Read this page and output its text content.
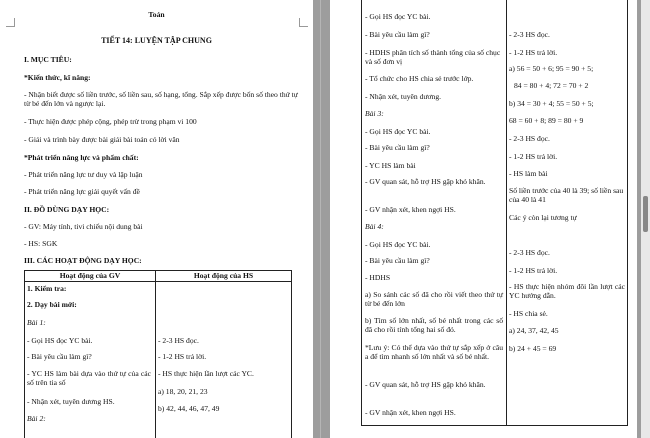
Toán
TIẾT 14: LUYỆN TẬP CHUNG
I. MỤC TIÊU:
*Kiến thức, kĩ năng:
- Nhận biết được số liền trước, số liền sau, số hạng, tổng. Sắp xếp được bốn số theo thứ tự từ bé đến lớn và ngược lại.
- Thực hiện được phép cộng, phép trừ trong phạm vi 100
- Giải và trình bày được bài giải bài toán có lời văn
*Phát triển năng lực và phẩm chất:
- Phát triển năng lực tư duy và lập luận
- Phát triển năng lực giải quyết vấn đề
II. ĐỒ DÙNG DẠY HỌC:
- GV: Máy tính, tivi chiếu nội dung bài
- HS: SGK
III. CÁC HOẠT ĐỘNG DẠY HỌC:
Hoạt động của GV	Hoạt động của HS
1. Kiểm tra:
2. Dạy bài mới:
Bài 1:
- Gọi HS đọc YC bài.
- Bài yêu cầu làm gì?
- YC HS làm bài dựa vào thứ tự của các số trên tia số
- Nhận xét, tuyên dương HS.
Bài 2:
- 2-3 HS đọc.
- 1-2 HS trả lời.
- HS thực hiện lần lượt các YC.
a) 18, 20, 21, 23
b) 42, 44, 46, 47, 49
- Gọi HS đọc YC bài.
- Bài yêu cầu làm gì?
- HDHS phân tích số thành tổng của số chục và số đơn vị
- Tổ chức cho HS chia sẻ trước lớp.
- Nhận xét, tuyên dương.
Bài 3:
- Gọi HS đọc YC bài.
- Bài yêu cầu làm gì?
- YC HS làm bài
- GV quan sát, hỗ trợ HS gặp khó khăn.
- GV nhận xét, khen ngợi HS.
Bài 4:
- Gọi HS đọc YC bài.
- Bài yêu cầu làm gì?
- HDHS
a) So sánh các số đã cho rồi viết theo thứ tự từ bé đến lớn
b) Tìm số lớn nhất, số bé nhất trong các số đã cho rồi tính tổng hai số đó.
*Lưu ý: Có thể dựa vào thứ tự sắp xếp ở câu a để tìm nhanh số lớn nhất và số bé nhất.
- GV quan sát, hỗ trợ HS gặp khó khăn.
- GV nhận xét, khen ngợi HS.
- 2-3 HS đọc.
- 1-2 HS trả lời.
a) 56 = 50 + 6; 95 = 90 + 5;
84 = 80 + 4; 72 = 70 + 2
b) 34 = 30 + 4; 55 = 50 + 5;
68 = 60 + 8; 89 = 80 + 9
- 2-3 HS đọc.
- 1-2 HS trả lời.
- HS làm bài
Số liền trước của 40 là 39; số liền sau của 40 là 41
Các ý còn lại tương tự
- 2-3 HS đọc.
- 1-2 HS trả lời.
- HS thực hiện nhóm đôi lần lượt các YC hướng dẫn.
- HS chia sẻ.
a) 24, 37, 42, 45
b) 24 + 45 = 69
